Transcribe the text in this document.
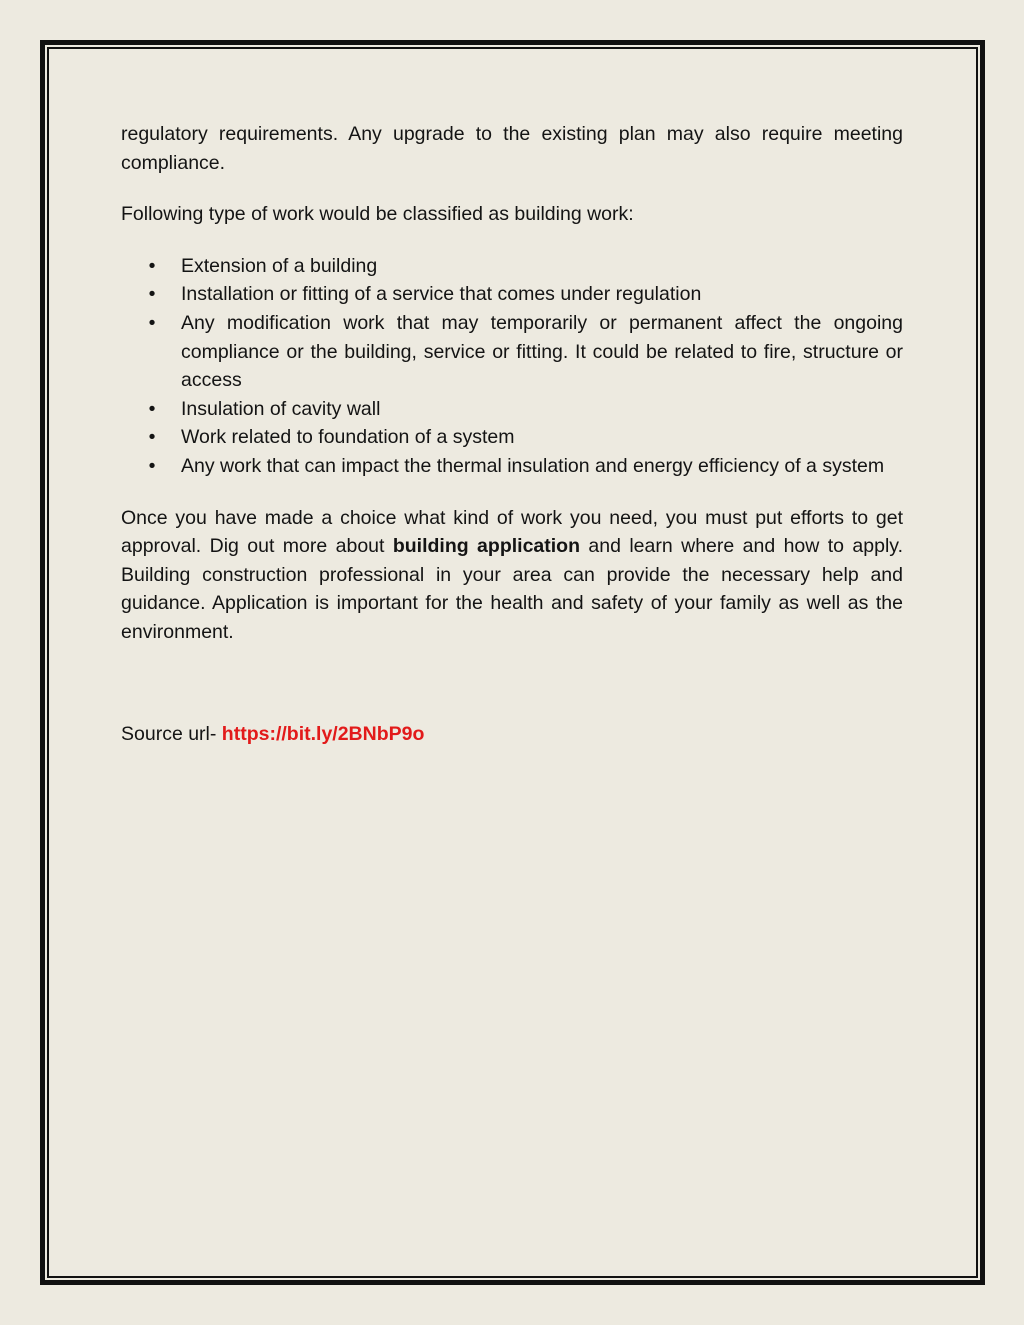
regulatory requirements. Any upgrade to the existing plan may also require meeting compliance.

Following type of work would be classified as building work:

• Extension of a building
• Installation or fitting of a service that comes under regulation
• Any modification work that may temporarily or permanent affect the ongoing compliance or the building, service or fitting. It could be related to fire, structure or access
• Insulation of cavity wall
• Work related to foundation of a system
• Any work that can impact the thermal insulation and energy efficiency of a system

Once you have made a choice what kind of work you need, you must put efforts to get approval. Dig out more about building application and learn where and how to apply. Building construction professional in your area can provide the necessary help and guidance. Application is important for the health and safety of your family as well as the environment.

Source url- https://bit.ly/2BNbP9o
